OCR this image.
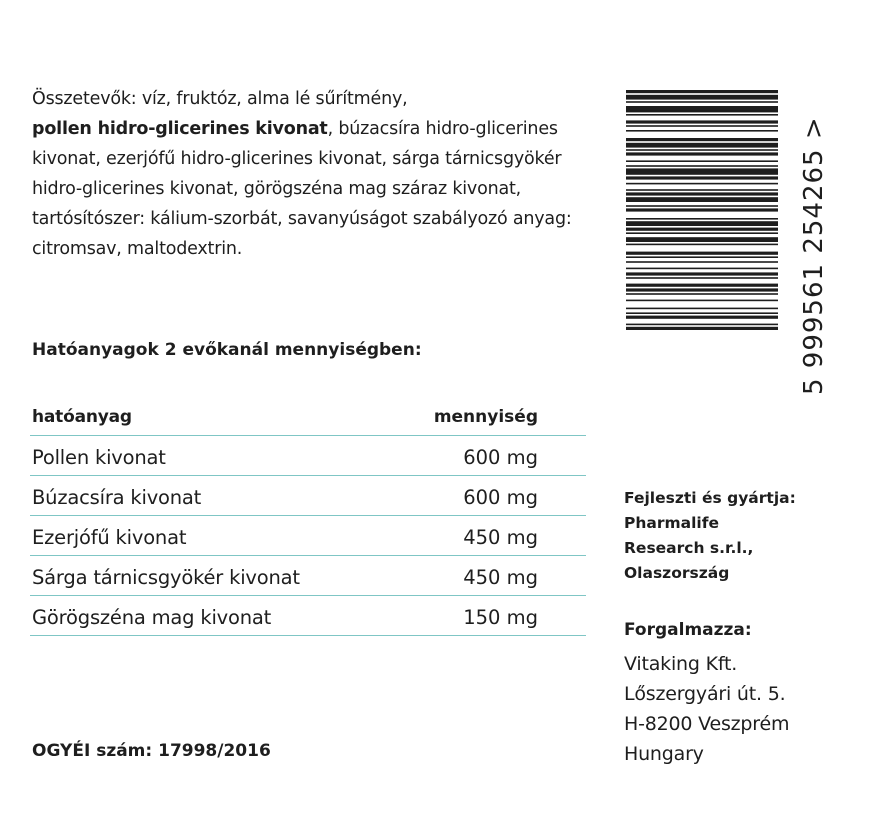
Összetevők: víz, fruktóz, alma lé sűrítmény,
pollen hidro-glicerines kivonat, búzacsíra hidro-glicerines kivonat, ezerjófű hidro-glicerines kivonat, sárga tárnicsgyökér hidro-glicerines kivonat, görögszéna mag száraz kivonat, tartósítószer: kálium-szorbát, savanyúságot szabályozó anyag: citromsav, maltodextrin.
Hatóanyagok 2 evőkanál mennyiségben:
hatóanyag	mennyiség
Pollen kivonat	600 mg
Búzacsíra kivonat	600 mg
Ezerjófű kivonat	450 mg
Sárga tárnicsgyökér kivonat	450 mg
Görögszéna mag kivonat	150 mg
OGYÉI szám: 17998/2016
5 999561 254265 >
Fejleszti és gyártja:
Pharmalife
Research s.r.l.,
Olaszország
Forgalmazza:
Vitaking Kft.
Lőszergyári út. 5.
H-8200 Veszprém
Hungary
